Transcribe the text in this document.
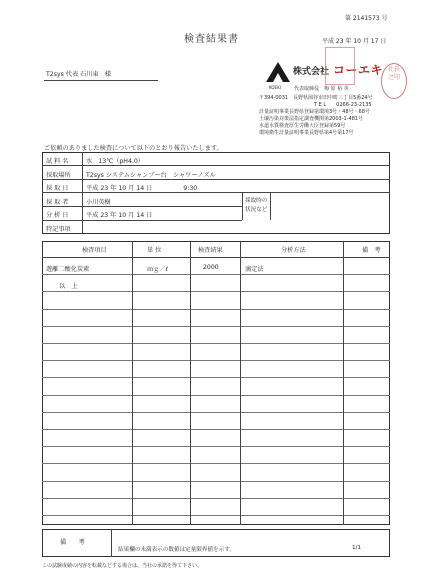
第 2141573 号
検査結果書	平成 23 年 10 月 17 日
T2sys 代表 石川東　様
KOEKI
株式会社 コーエキ
代表取締役　梅 原 裕 英
〒394-0031　長野県岡谷市田中町三丁目5番24号
T E L　　0266-23-2135
計量証明事業長野県登録第環境3号・48号・68号
土壌汚染対策法指定調査機関第2003-1-481号
水道水質検査厚生労働大臣登録第59号
環境衛生計量証明事業長野県第4号第17号
社長之印
ご依頼のありました検査について以下のとおり報告いたします。
試 料 名	水　13℃（pH4.0）
採取場所 T2sys システムシャンプー台　シャワーノズル
採 取 日	平成 23 年 10 月 14 日　　　　　9:30
採 取 者	小川英樹
分 析 日	平成 23 年 10 月 14 日
特記事項
採取時の状況など
検査項目	単 位	検査結果	分析方法	備　考
遊離二酸化炭素	ｍｇ／ℓ	2000	滴定法
以　上
備　　考
結果欄の未満表示の数値は定量限界値を示す。	1/1
この試験成績の内容を転載などする場合は、当社の承諾を得て下さい。
